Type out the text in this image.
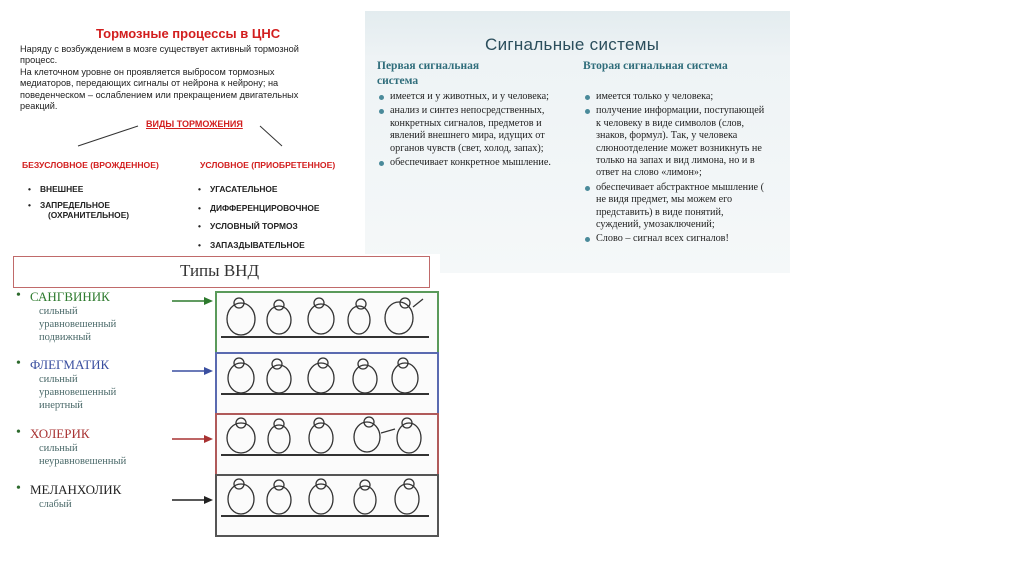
Тормозные процессы в ЦНС
Наряду с возбуждением в мозге существует активный тормозной
процесс.
На клеточном уровне он проявляется выбросом тормозных
медиаторов, передающих сигналы от нейрона к нейрону; на
поведенческом – ослаблением или прекращением двигательных
реакций.
ВИДЫ ТОРМОЖЕНИЯ
БЕЗУСЛОВНОЕ (ВРОЖДЕННОЕ)	УСЛОВНОЕ (ПРИОБРЕТЕННОЕ)
• ВНЕШНЕЕ
• ЗАПРЕДЕЛЬНОЕ
(ОХРАНИТЕЛЬНОЕ)
• УГАСАТЕЛЬНОЕ
• ДИФФЕРЕНЦИРОВОЧНОЕ
• УСЛОВНЫЙ ТОРМОЗ
• ЗАПАЗДЫВАТЕЛЬНОЕ
Сигнальные системы
Первая сигнальная
система
Вторая сигнальная система
имеется и у животных, и у человека;
анализ и синтез непосредственных, конкретных сигналов, предметов и явлений внешнего мира, идущих от органов чувств (свет, холод, запах);
обеспечивает конкретное мышление.
имеется только у человека;
получение информации, поступающей к человеку в виде символов (слов, знаков, формул). Так, у человека слюноотделение может возникнуть не только на запах и вид лимона, но и в ответ на слово «лимон»;
обеспечивает абстрактное мышление ( не видя предмет, мы можем его представить) в виде понятий, суждений, умозаключений;
Слово – сигнал всех сигналов!
Типы ВНД
• САНГВИНИК
сильный
уравновешенный
подвижный
• ФЛЕГМАТИК
сильный
уравновешенный
инертный
• ХОЛЕРИК
сильный
неуравновешенный
• МЕЛАНХОЛИК
слабый
